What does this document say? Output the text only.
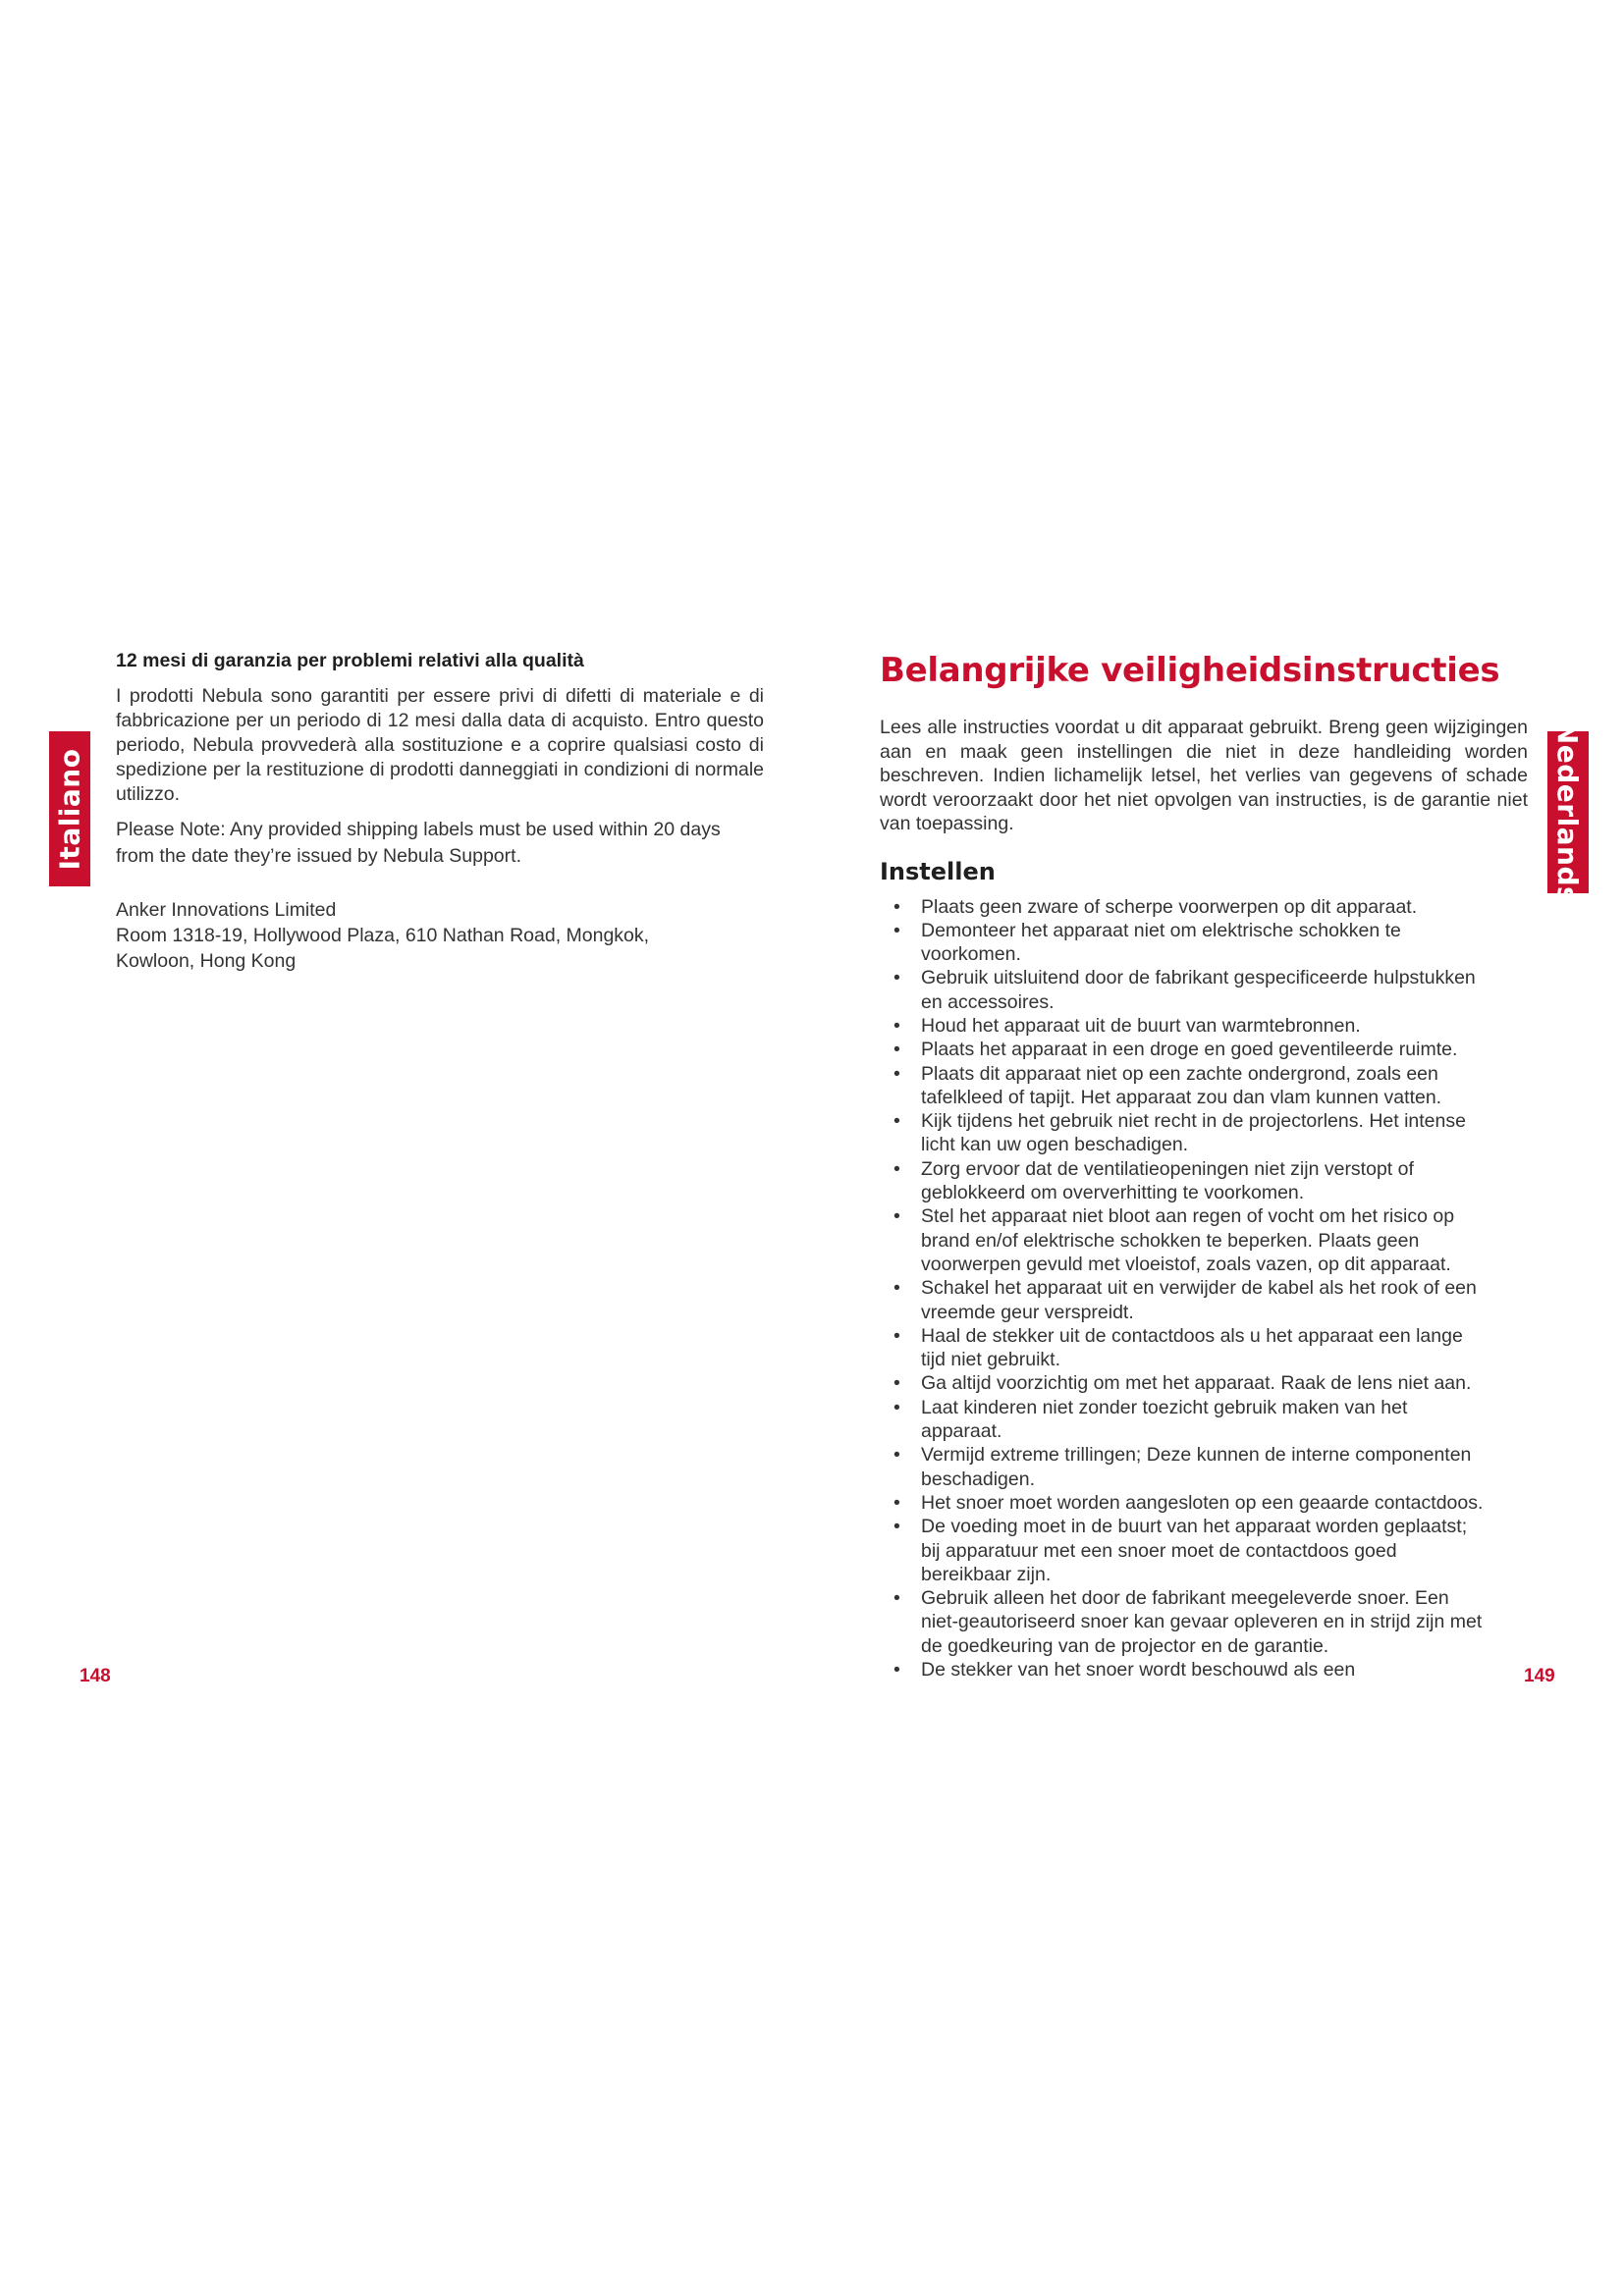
Italiano
12 mesi di garanzia per problemi relativi alla qualità

I prodotti Nebula sono garantiti per essere privi di difetti di materiale e di fabbricazione per un periodo di 12 mesi dalla data di acquisto. Entro questo periodo, Nebula provvederà alla sostituzione e a coprire qualsiasi costo di spedizione per la restituzione di prodotti danneggiati in condizioni di normale utilizzo.

Please Note: Any provided shipping labels must be used within 20 days
from the date they’re issued by Nebula Support.

Anker Innovations Limited
Room 1318-19, Hollywood Plaza, 610 Nathan Road, Mongkok,
Kowloon, Hong Kong
148
Nederlands
Belangrijke veiligheidsinstructies

Lees alle instructies voordat u dit apparaat gebruikt. Breng geen wijzigingen aan en maak geen instellingen die niet in deze handleiding worden beschreven. Indien lichamelijk letsel, het verlies van gegevens of schade wordt veroorzaakt door het niet opvolgen van instructies, is de garantie niet van toepassing.

Instellen
• Plaats geen zware of scherpe voorwerpen op dit apparaat.
• Demonteer het apparaat niet om elektrische schokken te voorkomen.
• Gebruik uitsluitend door de fabrikant gespecificeerde hulpstukken en accessoires.
• Houd het apparaat uit de buurt van warmtebronnen.
• Plaats het apparaat in een droge en goed geventileerde ruimte.
• Plaats dit apparaat niet op een zachte ondergrond, zoals een tafelkleed of tapijt. Het apparaat zou dan vlam kunnen vatten.
• Kijk tijdens het gebruik niet recht in de projectorlens. Het intense licht kan uw ogen beschadigen.
• Zorg ervoor dat de ventilatieopeningen niet zijn verstopt of geblokkeerd om oververhitting te voorkomen.
• Stel het apparaat niet bloot aan regen of vocht om het risico op brand en/of elektrische schokken te beperken. Plaats geen voorwerpen gevuld met vloeistof, zoals vazen, op dit apparaat.
• Schakel het apparaat uit en verwijder de kabel als het rook of een vreemde geur verspreidt.
• Haal de stekker uit de contactdoos als u het apparaat een lange tijd niet gebruikt.
• Ga altijd voorzichtig om met het apparaat. Raak de lens niet aan.
• Laat kinderen niet zonder toezicht gebruik maken van het apparaat.
• Vermijd extreme trillingen; Deze kunnen de interne componenten beschadigen.
• Het snoer moet worden aangesloten op een geaarde contactdoos.
• De voeding moet in de buurt van het apparaat worden geplaatst; bij apparatuur met een snoer moet de contactdoos goed bereikbaar zijn.
• Gebruik alleen het door de fabrikant meegeleverde snoer. Een niet-geautoriseerd snoer kan gevaar opleveren en in strijd zijn met de goedkeuring van de projector en de garantie.
• De stekker van het snoer wordt beschouwd als een	149
